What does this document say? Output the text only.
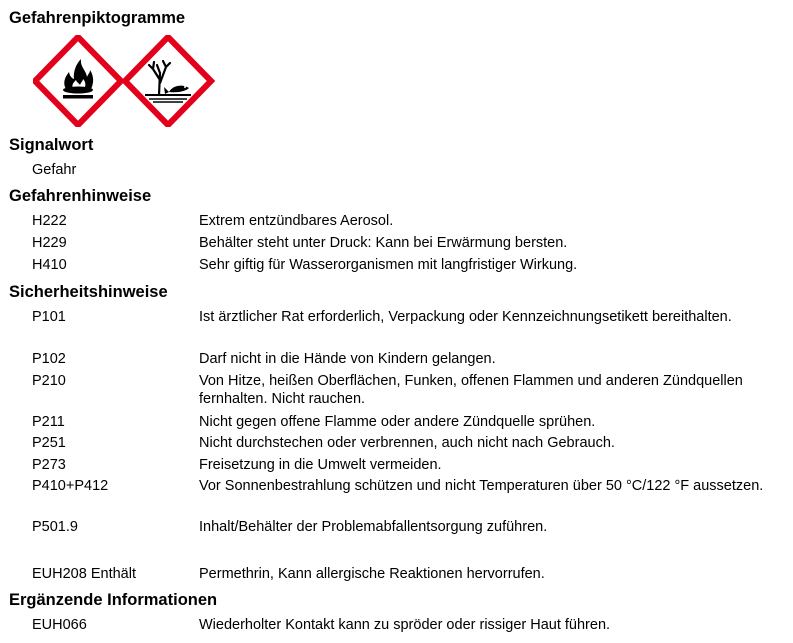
Gefahrenpiktogramme
Signalwort
Gefahr
Gefahrenhinweise
H222	Extrem entzündbares Aerosol.
H229	Behälter steht unter Druck: Kann bei Erwärmung bersten.
H410	Sehr giftig für Wasserorganismen mit langfristiger Wirkung.
Sicherheitshinweise
P101	Ist ärztlicher Rat erforderlich, Verpackung oder Kennzeichnungsetikett bereithalten.
P102	Darf nicht in die Hände von Kindern gelangen.
P210	Von Hitze, heißen Oberflächen, Funken, offenen Flammen und anderen Zündquellen fernhalten. Nicht rauchen.
P211	Nicht gegen offene Flamme oder andere Zündquelle sprühen.
P251	Nicht durchstechen oder verbrennen, auch nicht nach Gebrauch.
P273	Freisetzung in die Umwelt vermeiden.
P410+P412	Vor Sonnenbestrahlung schützen und nicht Temperaturen über 50 °C/122 °F aussetzen.
P501.9	Inhalt/Behälter der Problemabfallentsorgung zuführen.
EUH208 Enthält	Permethrin, Kann allergische Reaktionen hervorrufen.
Ergänzende Informationen
EUH066	Wiederholter Kontakt kann zu spröder oder rissiger Haut führen.
